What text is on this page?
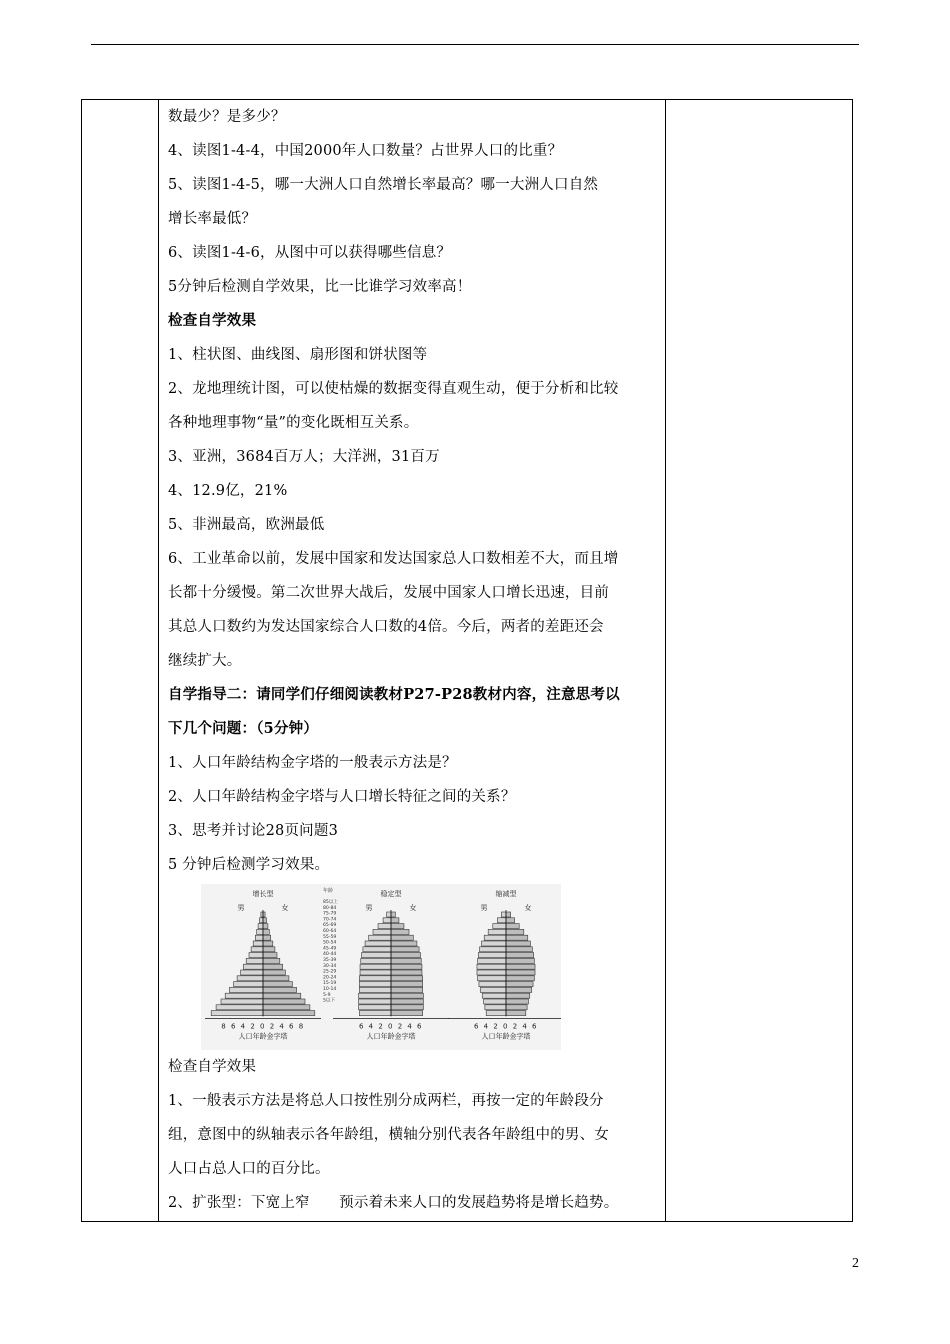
数最少？是多少？
4、读图1-4-4，中国2000年人口数量？占世界人口的比重？
5、读图1-4-5，哪一大洲人口自然增长率最高？哪一大洲人口自然
增长率最低？
6、读图1-4-6，从图中可以获得哪些信息？
5分钟后检测自学效果，比一比谁学习效率高！
检查自学效果
1、柱状图、曲线图、扇形图和饼状图等
2、龙地理统计图，可以使枯燥的数据变得直观生动，便于分析和比较
各种地理事物“量”的变化既相互关系。
3、亚洲，3684百万人；大洋洲，31百万
4、12.9亿，21%
5、非洲最高，欧洲最低
6、工业革命以前，发展中国家和发达国家总人口数相差不大，而且增
长都十分缓慢。第二次世界大战后，发展中国家人口增长迅速，目前
其总人口数约为发达国家综合人口数的4倍。今后，两者的差距还会
继续扩大。
自学指导二：请同学们仔细阅读教材P27-P28教材内容，注意思考以
下几个问题：（5分钟）
1、人口年龄结构金字塔的一般表示方法是？
2、人口年龄结构金字塔与人口增长特征之间的关系？
3、思考并讨论28页问题3
5 分钟后检测学习效果。
增长型
男	女
8 6 4 2 0 2 4 6 8
人口年龄金字塔
稳定型
男	女
6 4 2 0 2 4 6
人口年龄金字塔
缩减型
男	女
6 4 2 0 2 4 6
人口年龄金字塔
年龄
85以上
80-84
75-79
70-74
65-69
60-64
55-59
50-54
45-49
40-44
35-39
30-34
25-29
20-24
15-19
10-14
5-9
5以下
检查自学效果
1、一般表示方法是将总人口按性别分成两栏，再按一定的年龄段分
组，意图中的纵轴表示各年龄组，横轴分别代表各年龄组中的男、女
人口占总人口的百分比。
2、扩张型：下宽上窄　　预示着未来人口的发展趋势将是增长趋势。
2
